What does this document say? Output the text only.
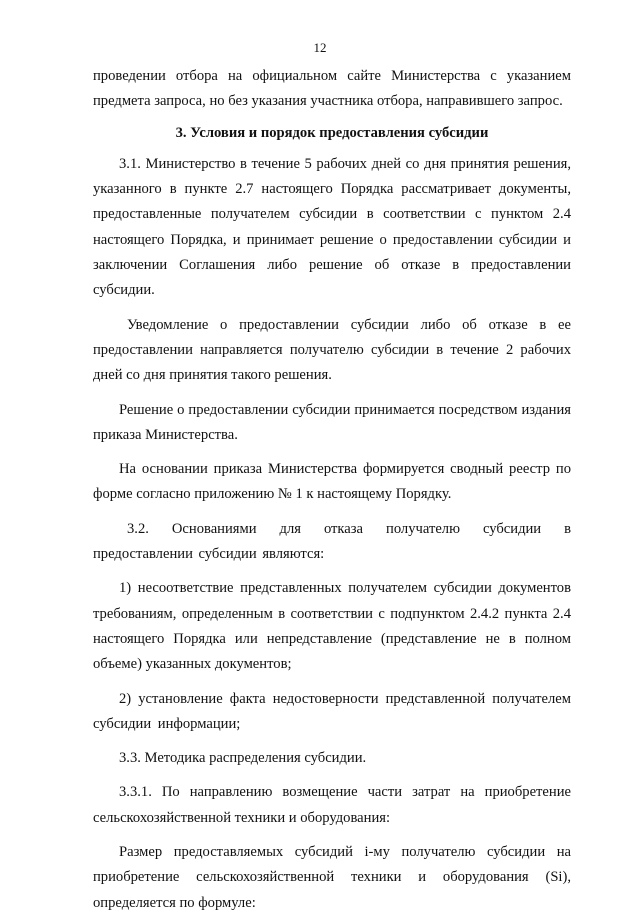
12

проведении отбора на официальном сайте Министерства с указанием предмета запроса, но без указания участника отбора, направившего запрос.

3. Условия и порядок предоставления субсидии

3.1. Министерство в течение 5 рабочих дней со дня принятия решения, указанного в пункте 2.7 настоящего Порядка рассматривает документы, предоставленные получателем субсидии в соответствии с пунктом 2.4 настоящего Порядка, и принимает решение о предоставлении субсидии и заключении Соглашения либо решение об отказе в предоставлении субсидии.

Уведомление о предоставлении субсидии либо об отказе в ее предоставлении направляется получателю субсидии в течение 2 рабочих дней со дня принятия такого решения.

Решение о предоставлении субсидии принимается посредством издания приказа Министерства.

На основании приказа Министерства формируется сводный реестр по форме согласно приложению № 1 к настоящему Порядку.

3.2. Основаниями для отказа получателю субсидии в предоставлении субсидии являются:

1) несоответствие представленных получателем субсидии документов требованиям, определенным в соответствии с подпунктом 2.4.2 пункта 2.4 настоящего Порядка или непредставление (представление не в полном объеме) указанных документов;

2) установление факта недостоверности представленной получателем субсидии информации;

3.3. Методика распределения субсидии.

3.3.1. По направлению возмещение части затрат на приобретение сельскохозяйственной техники и оборудования:

Размер предоставляемых субсидий i-му получателю субсидии на приобретение сельскохозяйственной техники и оборудования (Si), определяется по формуле:
